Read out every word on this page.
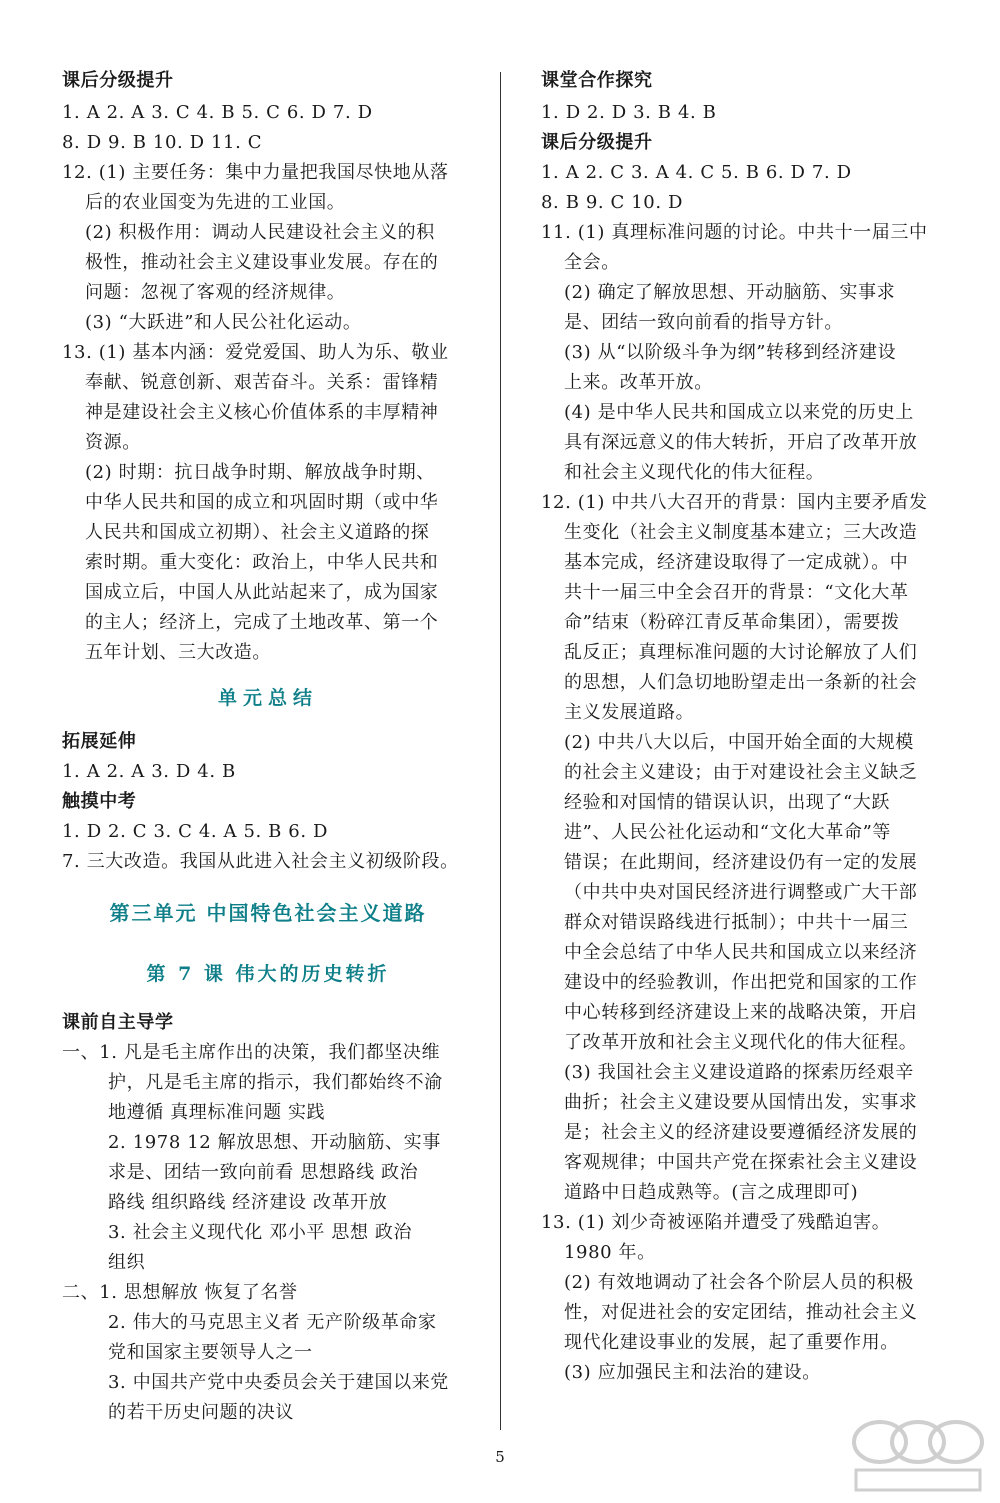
课后分级提升
1. A 2. A 3. C 4. B 5. C 6. D 7. D
8. D 9. B 10. D 11. C
12. (1) 主要任务：集中力量把我国尽快地从落
后的农业国变为先进的工业国。
(2) 积极作用：调动人民建设社会主义的积
极性，推动社会主义建设事业发展。存在的
问题：忽视了客观的经济规律。
(3) “大跃进”和人民公社化运动。
13. (1) 基本内涵：爱党爱国、助人为乐、敬业
奉献、锐意创新、艰苦奋斗。关系：雷锋精
神是建设社会主义核心价值体系的丰厚精神
资源。
(2) 时期：抗日战争时期、解放战争时期、
中华人民共和国的成立和巩固时期（或中华
人民共和国成立初期）、社会主义道路的探
索时期。重大变化：政治上，中华人民共和
国成立后，中国人从此站起来了，成为国家
的主人；经济上，完成了土地改革、第一个
五年计划、三大改造。
单元总结
拓展延伸
1. A 2. A 3. D 4. B
触摸中考
1. D 2. C 3. C 4. A 5. B 6. D
7. 三大改造。我国从此进入社会主义初级阶段。
第三单元 中国特色社会主义道路
第 7 课 伟大的历史转折
课前自主导学
一、1. 凡是毛主席作出的决策，我们都坚决维
护，凡是毛主席的指示，我们都始终不渝
地遵循 真理标准问题 实践
2. 1978 12 解放思想、开动脑筋、实事
求是、团结一致向前看 思想路线 政治
路线 组织路线 经济建设 改革开放
3. 社会主义现代化 邓小平 思想 政治
组织
二、1. 思想解放 恢复了名誉
2. 伟大的马克思主义者 无产阶级革命家
党和国家主要领导人之一
3. 中国共产党中央委员会关于建国以来党
的若干历史问题的决议
课堂合作探究
1. D 2. D 3. B 4. B
课后分级提升
1. A 2. C 3. A 4. C 5. B 6. D 7. D
8. B 9. C 10. D
11. (1) 真理标准问题的讨论。中共十一届三中
全会。
(2) 确定了解放思想、开动脑筋、实事求
是、团结一致向前看的指导方针。
(3) 从“以阶级斗争为纲”转移到经济建设
上来。改革开放。
(4) 是中华人民共和国成立以来党的历史上
具有深远意义的伟大转折，开启了改革开放
和社会主义现代化的伟大征程。
12. (1) 中共八大召开的背景：国内主要矛盾发
生变化（社会主义制度基本建立；三大改造
基本完成，经济建设取得了一定成就）。中
共十一届三中全会召开的背景：“文化大革
命”结束（粉碎江青反革命集团），需要拨
乱反正；真理标准问题的大讨论解放了人们
的思想，人们急切地盼望走出一条新的社会
主义发展道路。
(2) 中共八大以后，中国开始全面的大规模
的社会主义建设；由于对建设社会主义缺乏
经验和对国情的错误认识，出现了“大跃
进”、人民公社化运动和“文化大革命”等
错误；在此期间，经济建设仍有一定的发展
（中共中央对国民经济进行调整或广大干部
群众对错误路线进行抵制）；中共十一届三
中全会总结了中华人民共和国成立以来经济
建设中的经验教训，作出把党和国家的工作
中心转移到经济建设上来的战略决策，开启
了改革开放和社会主义现代化的伟大征程。
(3) 我国社会主义建设道路的探索历经艰辛
曲折；社会主义建设要从国情出发，实事求
是；社会主义的经济建设要遵循经济发展的
客观规律；中国共产党在探索社会主义建设
道路中日趋成熟等。(言之成理即可)
13. (1) 刘少奇被诬陷并遭受了残酷迫害。
1980 年。
(2) 有效地调动了社会各个阶层人员的积极
性，对促进社会的安定团结，推动社会主义
现代化建设事业的发展，起了重要作用。
(3) 应加强民主和法治的建设。
5
